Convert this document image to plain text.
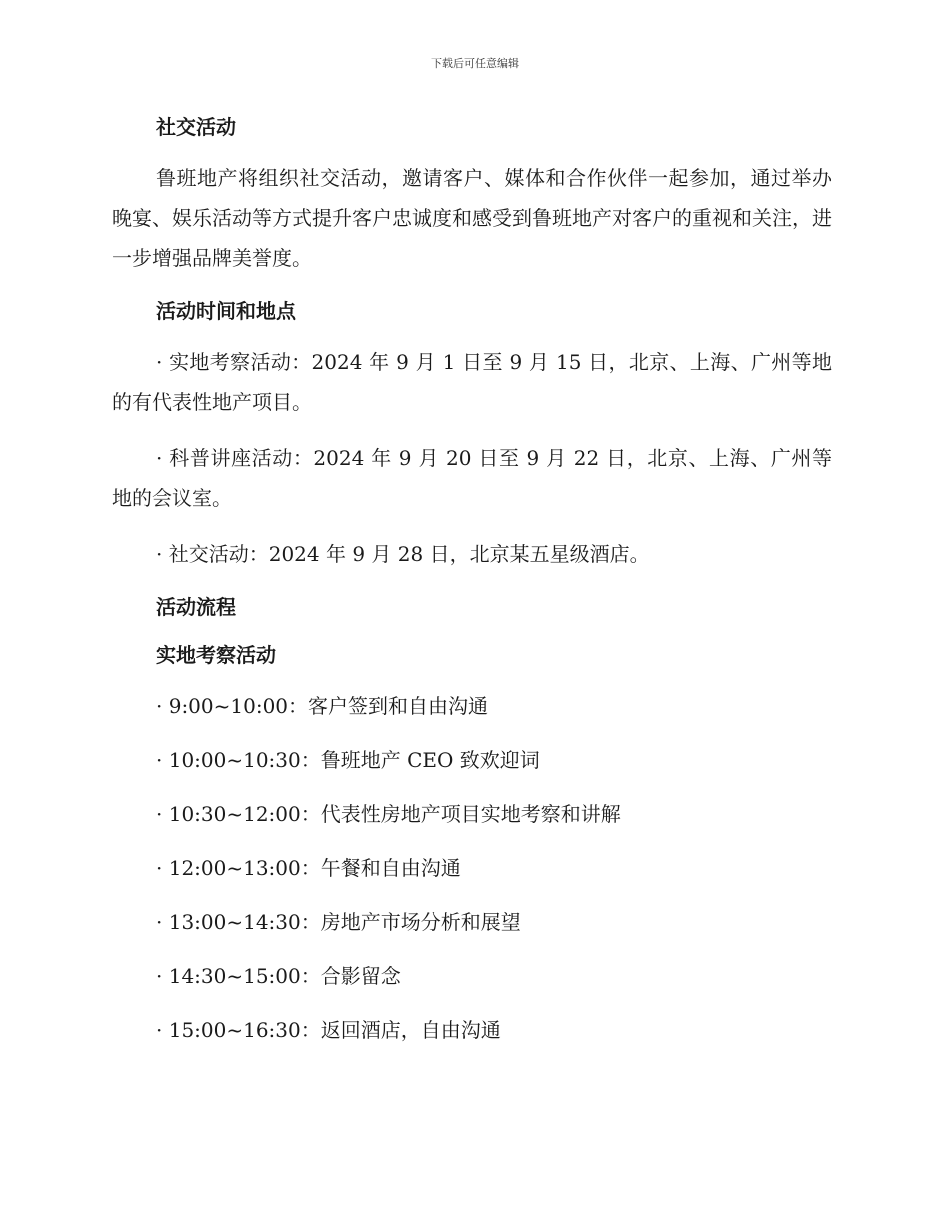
下载后可任意编辑

社交活动

鲁班地产将组织社交活动，邀请客户、媒体和合作伙伴一起参加，通过举办晚宴、娱乐活动等方式提升客户忠诚度和感受到鲁班地产对客户的重视和关注，进一步增强品牌美誉度。

活动时间和地点

· 实地考察活动：2024 年 9 月 1 日至 9 月 15 日，北京、上海、广州等地的有代表性地产项目。

· 科普讲座活动：2024 年 9 月 20 日至 9 月 22 日，北京、上海、广州等地的会议室。

· 社交活动：2024 年 9 月 28 日，北京某五星级酒店。

活动流程

实地考察活动

· 9:00~10:00：客户签到和自由沟通

· 10:00~10:30：鲁班地产 CEO 致欢迎词

· 10:30~12:00：代表性房地产项目实地考察和讲解

· 12:00~13:00：午餐和自由沟通

· 13:00~14:30：房地产市场分析和展望

· 14:30~15:00：合影留念

· 15:00~16:30：返回酒店，自由沟通
